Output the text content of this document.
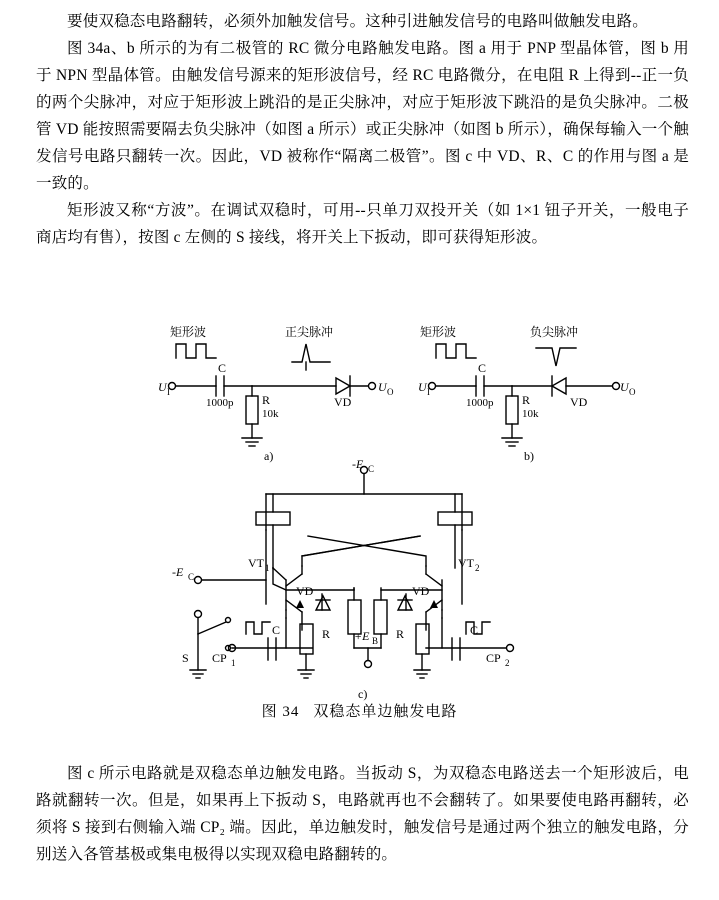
要使双稳态电路翻转，必须外加触发信号。这种引进触发信号的电路叫做触发电路。

图 34a、b 所示的为有二极管的 RC 微分电路触发电路。图 a 用于 PNP 型晶体管，图 b 用于 NPN 型晶体管。由触发信号源来的矩形波信号，经 RC 电路微分，在电阻 R 上得到--正一负的两个尖脉冲，对应于矩形波上跳沿的是正尖脉冲，对应于矩形波下跳沿的是负尖脉冲。二极管 VD 能按照需要隔去负尖脉冲（如图 a 所示）或正尖脉冲（如图 b 所示），确保每输入一个触发信号电路只翻转一次。因此，VD 被称作“隔离二极管”。图 c 中 VD、R、C 的作用与图 a 是一致的。

矩形波又称“方波”。在调试双稳时，可用--只单刀双投开关（如 1×1 钮子开关，一般电子商店均有售），按图 c 左侧的 S 接线，将开关上下扳动，即可获得矩形波。

矩形波	正尖脉冲
U I
C
1000p R
10k
VD
U O
a)
矩形波	负尖脉冲
U I
C
1000p R
10k
VD
U O
b)
-E C
-E C
VT 1	VT 2
VD	VD
R	R
C	C
+E B
S CP 1	CP 2
c)
图 34 双稳态单边触发电路

图 c 所示电路就是双稳态单边触发电路。当扳动 S，为双稳态电路送去一个矩形波后，电路就翻转一次。但是，如果再上下扳动 S，电路就再也不会翻转了。如果要使电路再翻转，必须将 S 接到右侧输入端 CP₂ 端。因此，单边触发时，触发信号是通过两个独立的触发电路，分别送入各管基极或集电极得以实现双稳电路翻转的。
